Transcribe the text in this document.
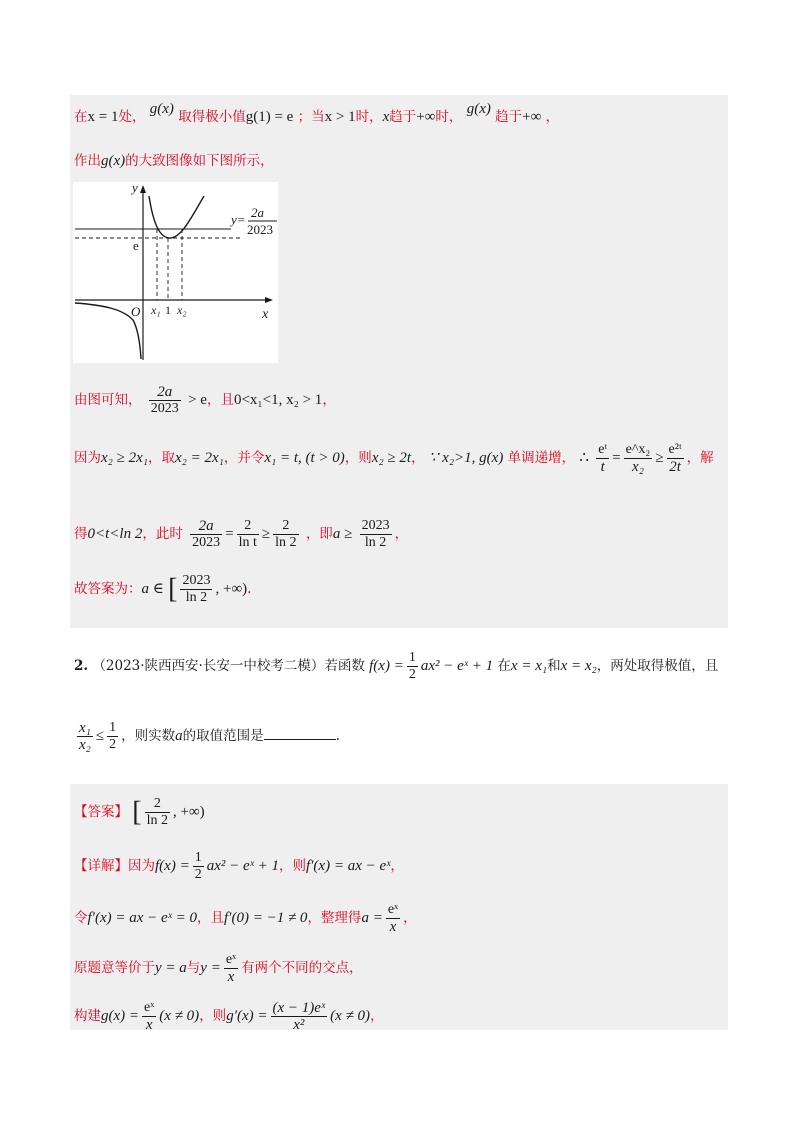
在x = 1处， g(x) 取得极小值g(1) = e ；当x > 1时，x趋于+∞时， g(x) 趋于+∞ ，
作出g(x)的大致图像如下图所示，
y
x
O
e
x₁ 1 x₂
y= 2a
2023
由图可知， $\frac{2a}{2023} > e$，且0<x₁<1, x₂ > 1，
因为x₂ ≥ 2x₁，取x₂ = 2x₁，并令x₁ = t, (t > 0)，则x₂ ≥ 2t， ∵ x₂>1, g(x) 单调递增， ∴ $\frac{\text{eᵗ}}{t} = \frac{\text{e\textasciicircum{}x₂}}{\text{x₂}} \ge \frac{\text{e²ᵗ}}{2t}$ ，解
得0<t<ln 2，此时 $\frac{2a}{2023} = \frac{2}{\text{ln t}} \ge \frac{2}{\ln 2}$ ，即$a \ge \frac{2023}{\ln 2}$ ，
故答案为：a ∈ [ $\frac{2023}{\ln 2}$ , +∞).
2. （2023·陕西西安·长安一中校考二模）若函数 $f(x) = \frac{1}{2} ax^2$ − eˣ + 1 在x = x₁和x = x₂，两处取得极值，且
$\frac{\text{x₁}}{\text{x₂}} \le \frac{1}{2}$ ，则实数a的取值范围是	.
【答案】 [ $\frac{2}{\ln 2}$ , +∞)
【详解】因为$f(x) = \frac{1}{2} ax^2$ − eˣ + 1，则f′(x) = ax − eˣ，
令f′(x) = ax − eˣ = 0，且f′(0) = −1 ≠ 0，整理得$a = \frac{\text{eˣ}}{x}$ ，
原题意等价于y = a与$y = \frac{\text{eˣ}}{x}$ 有两个不同的交点，
构建$g(x) = \frac{\text{eˣ}}{x} (x \ne 0)$，则$g'(x) = \frac{\text{(x − 1)eˣ}}{\text{x²}} (x \ne 0)$，
